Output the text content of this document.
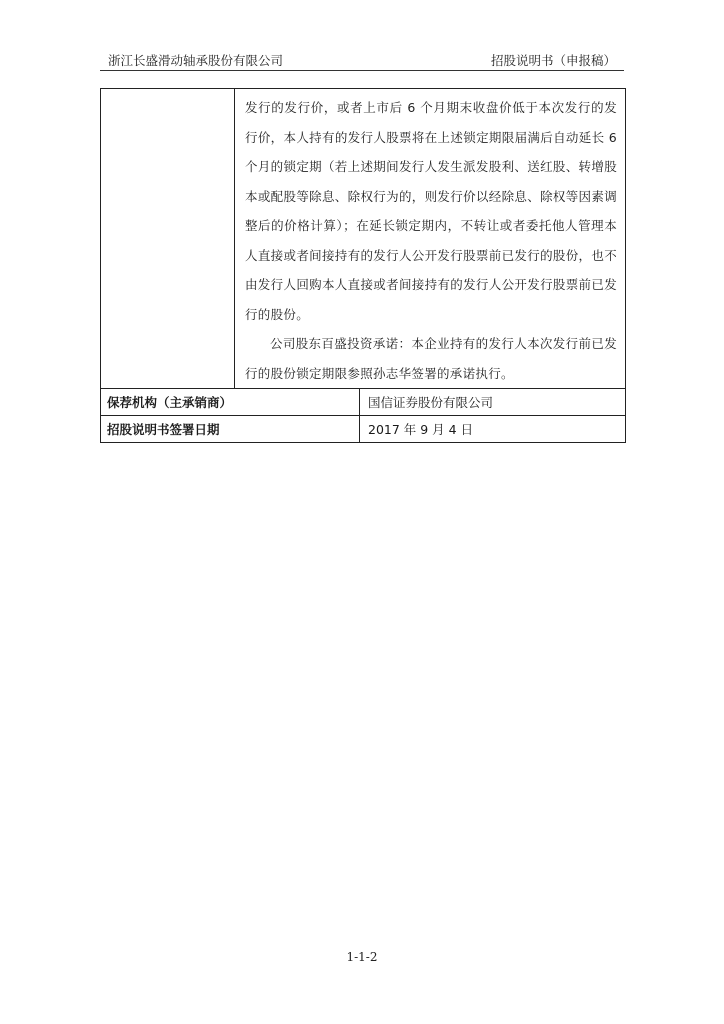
浙江长盛滑动轴承股份有限公司	招股说明书（申报稿）

	发行的发行价，或者上市后 6 个月期末收盘价低于本次发行的发行价，本人持有的发行人股票将在上述锁定期限届满后自动延长 6 个月的锁定期（若上述期间发行人发生派发股利、送红股、转增股本或配股等除息、除权行为的，则发行价以经除息、除权等因素调整后的价格计算）；在延长锁定期内，不转让或者委托他人管理本人直接或者间接持有的发行人公开发行股票前已发行的股份，也不由发行人回购本人直接或者间接持有的发行人公开发行股票前已发行的股份。

公司股东百盛投资承诺：本企业持有的发行人本次发行前已发行的股份锁定期限参照孙志华签署的承诺执行。	

保荐机构（主承销商）		国信证券股份有限公司
招股说明书签署日期		2017 年 9 月 4 日
1-1-2
